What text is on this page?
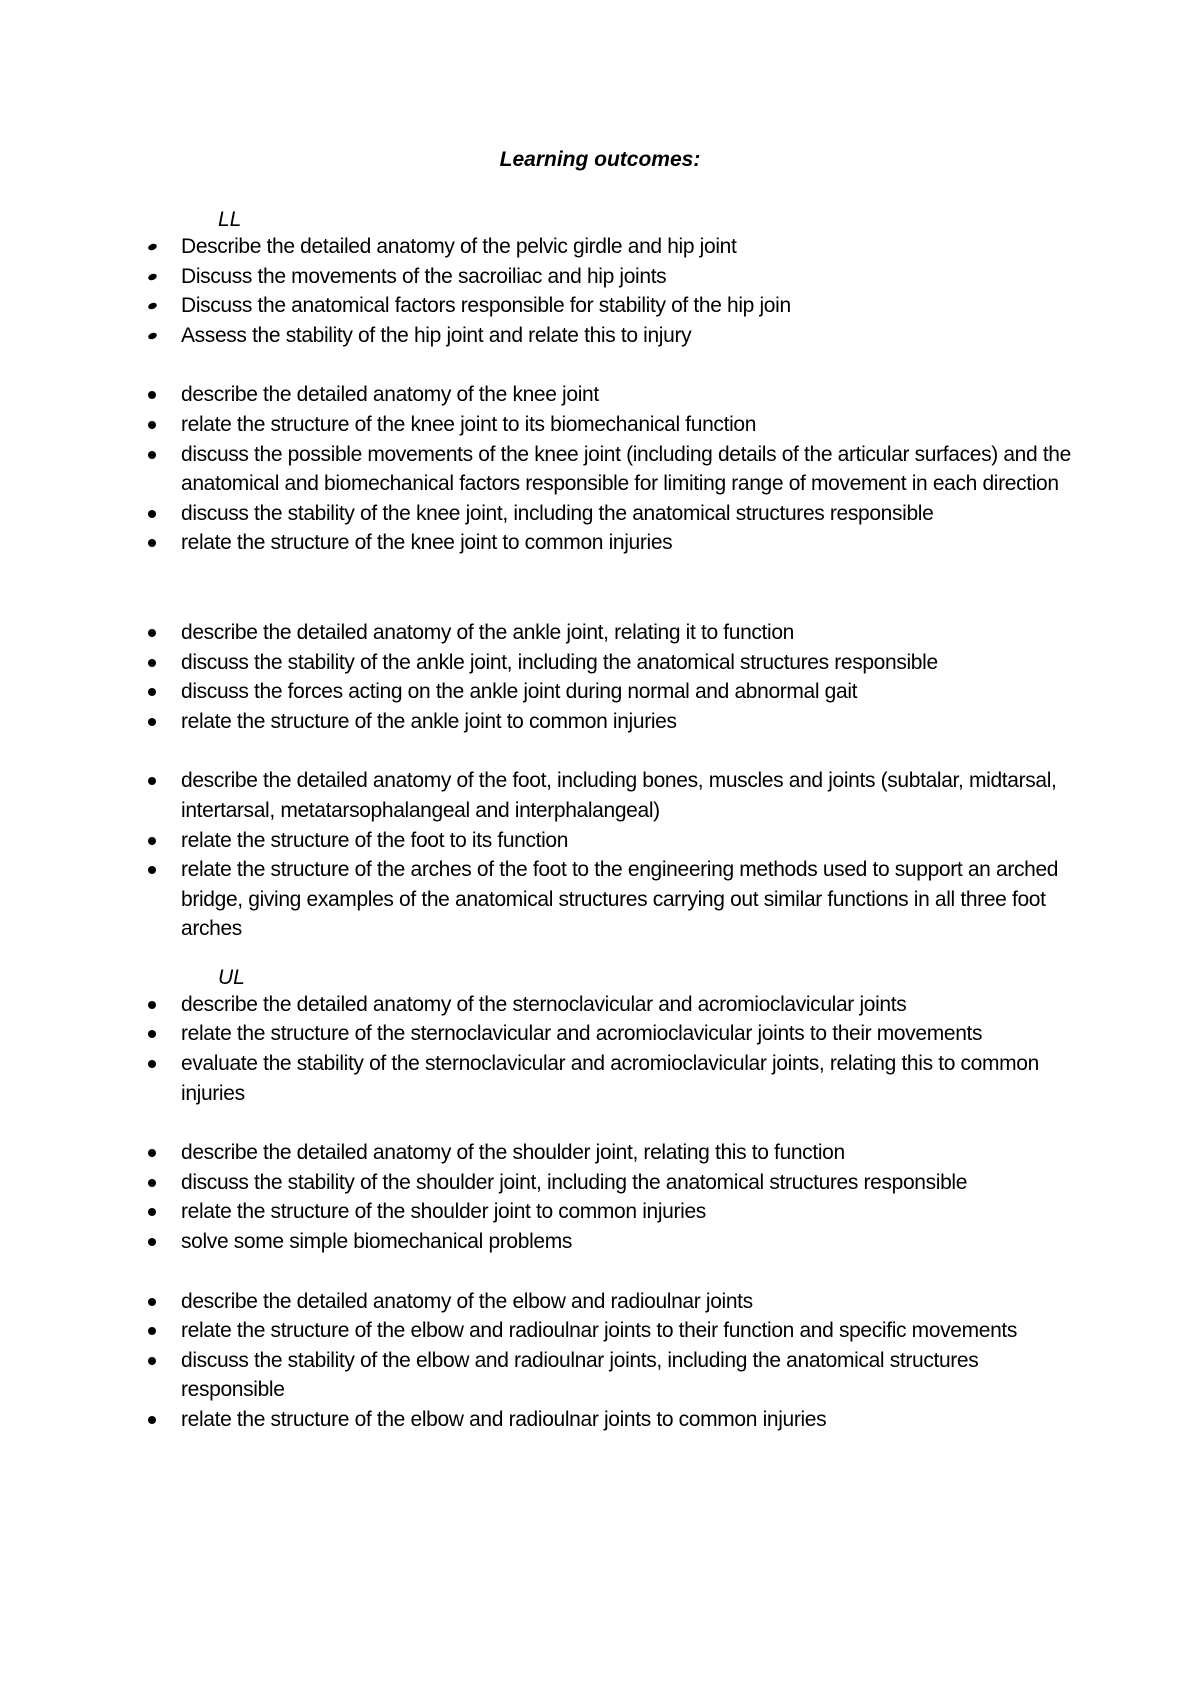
Learning outcomes:

LL

Describe the detailed anatomy of the pelvic girdle and hip joint
Discuss the movements of the sacroiliac and hip joints
Discuss the anatomical factors responsible for stability of the hip join
Assess the stability of the hip joint and relate this to injury
describe the detailed anatomy of the knee joint
relate the structure of the knee joint to its biomechanical function
discuss the possible movements of the knee joint (including details of the articular surfaces) and the anatomical and biomechanical factors responsible for limiting range of movement in each direction
discuss the stability of the knee joint, including the anatomical structures responsible
relate the structure of the knee joint to common injuries
describe the detailed anatomy of the ankle joint, relating it to function
discuss the stability of the ankle joint, including the anatomical structures responsible
discuss the forces acting on the ankle joint during normal and abnormal gait
relate the structure of the ankle joint to common injuries
describe the detailed anatomy of the foot, including bones, muscles and joints (subtalar, midtarsal, intertarsal, metatarsophalangeal and interphalangeal)
relate the structure of the foot to its function
relate the structure of the arches of the foot to the engineering methods used to support an arched bridge, giving examples of the anatomical structures carrying out similar functions in all three foot arches

UL

describe the detailed anatomy of the sternoclavicular and acromioclavicular joints
relate the structure of the sternoclavicular and acromioclavicular joints to their movements
evaluate the stability of the sternoclavicular and acromioclavicular joints, relating this to common injuries
describe the detailed anatomy of the shoulder joint, relating this to function
discuss the stability of the shoulder joint, including the anatomical structures responsible
relate the structure of the shoulder joint to common injuries
solve some simple biomechanical problems
describe the detailed anatomy of the elbow and radioulnar joints
relate the structure of the elbow and radioulnar joints to their function and specific movements
discuss the stability of the elbow and radioulnar joints, including the anatomical structures responsible
relate the structure of the elbow and radioulnar joints to common injuries
